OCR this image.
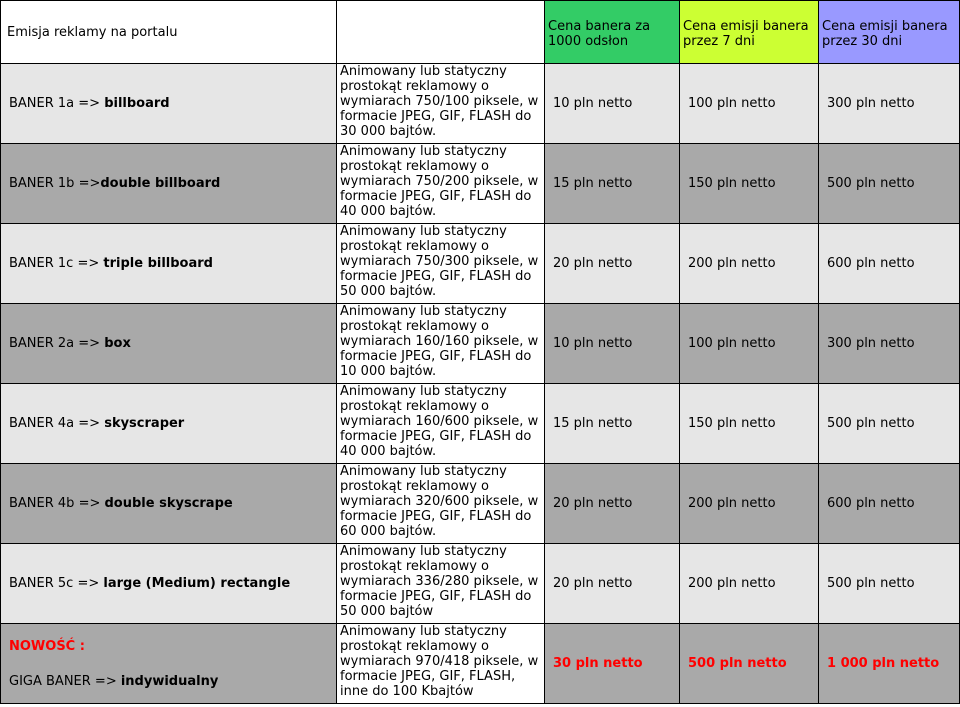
Emisja reklamy na portalu		Cena banera za 1000 odsłon	Cena emisji banera przez 7 dni	Cena emisji banera przez 30 dni
BANER 1a => billboard	Animowany lub statyczny prostokąt reklamowy o wymiarach 750/100 piksele, w formacie JPEG, GIF, FLASH do 30 000 bajtów.	10 pln netto	100 pln netto	300 pln netto
BANER 1b =>double billboard	Animowany lub statyczny prostokąt reklamowy o wymiarach 750/200 piksele, w formacie JPEG, GIF, FLASH do 40 000 bajtów.	15 pln netto	150 pln netto	500 pln netto
BANER 1c => triple billboard	Animowany lub statyczny prostokąt reklamowy o wymiarach 750/300 piksele, w formacie JPEG, GIF, FLASH do 50 000 bajtów.	20 pln netto	200 pln netto	600 pln netto
BANER 2a => box	Animowany lub statyczny prostokąt reklamowy o wymiarach 160/160 piksele, w formacie JPEG, GIF, FLASH do 10 000 bajtów.	10 pln netto	100 pln netto	300 pln netto
BANER 4a => skyscraper	Animowany lub statyczny prostokąt reklamowy o wymiarach 160/600 piksele, w formacie JPEG, GIF, FLASH do 40 000 bajtów.	15 pln netto	150 pln netto	500 pln netto
BANER 4b => double skyscrape	Animowany lub statyczny prostokąt reklamowy o wymiarach 320/600 piksele, w formacie JPEG, GIF, FLASH do 60 000 bajtów.	20 pln netto	200 pln netto	600 pln netto
BANER 5c => large (Medium) rectangle	Animowany lub statyczny prostokąt reklamowy o wymiarach 336/280 piksele, w formacie JPEG, GIF, FLASH do 50 000 bajtów	20 pln netto	200 pln netto	500 pln netto

NOWOŚĆ :
GIGA BANER => indywidualny	Animowany lub statyczny prostokąt reklamowy o wymiarach 970/418 piksele, w formacie JPEG, GIF, FLASH, inne do 100 Kbajtów	30 pln netto	500 pln netto	1 000 pln netto
